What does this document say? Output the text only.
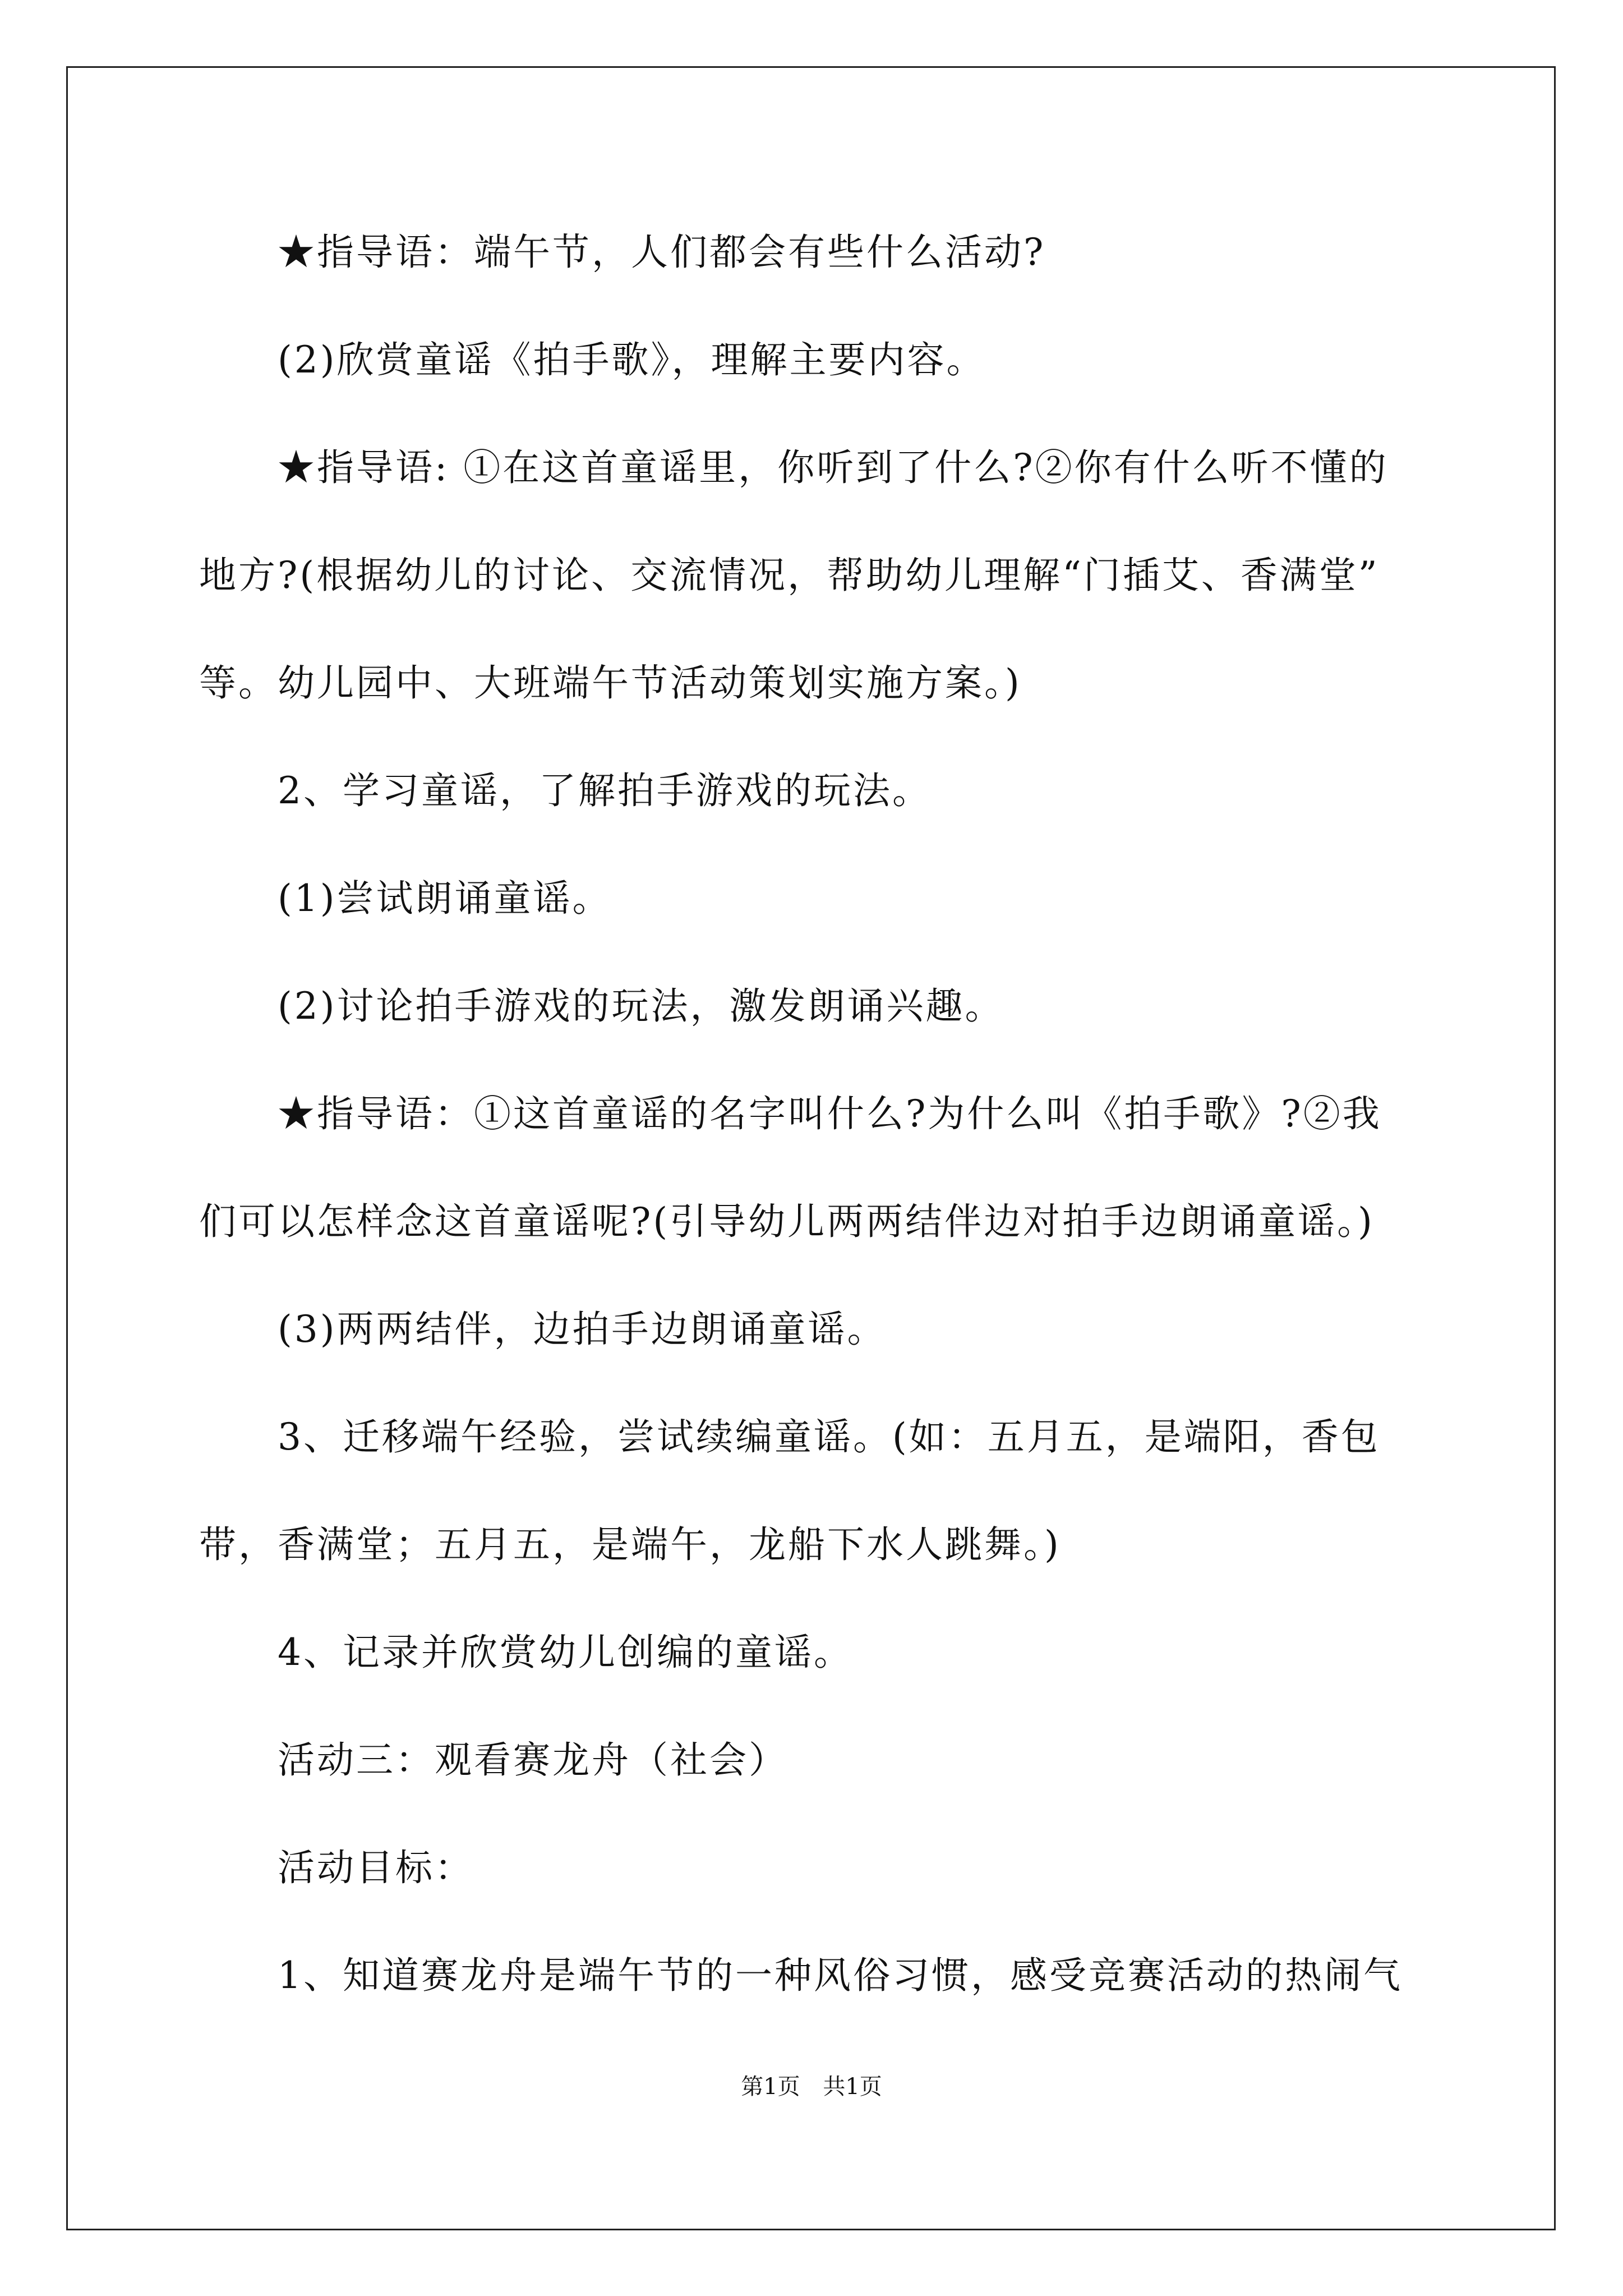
★指导语：端午节，人们都会有些什么活动?
(2)欣赏童谣《拍手歌》，理解主要内容。
★指导语: ①在这首童谣里，你听到了什么?②你有什么听不懂的
地方?(根据幼儿的讨论、交流情况，帮助幼儿理解“门插艾、香满堂”
等。幼儿园中、大班端午节活动策划实施方案。)
2、学习童谣，了解拍手游戏的玩法。
(1)尝试朗诵童谣。
(2)讨论拍手游戏的玩法，激发朗诵兴趣。
★指导语：①这首童谣的名字叫什么?为什么叫《拍手歌》?②我
们可以怎样念这首童谣呢?(引导幼儿两两结伴边对拍手边朗诵童谣。)
(3)两两结伴，边拍手边朗诵童谣。
3、迁移端午经验，尝试续编童谣。(如：五月五，是端阳，香包
带，香满堂；五月五，是端午，龙船下水人跳舞。)
4、记录并欣赏幼儿创编的童谣。
活动三：观看赛龙舟（社会）
活动目标：
1、知道赛龙舟是端午节的一种风俗习惯，感受竞赛活动的热闹气
第1页 共1页
